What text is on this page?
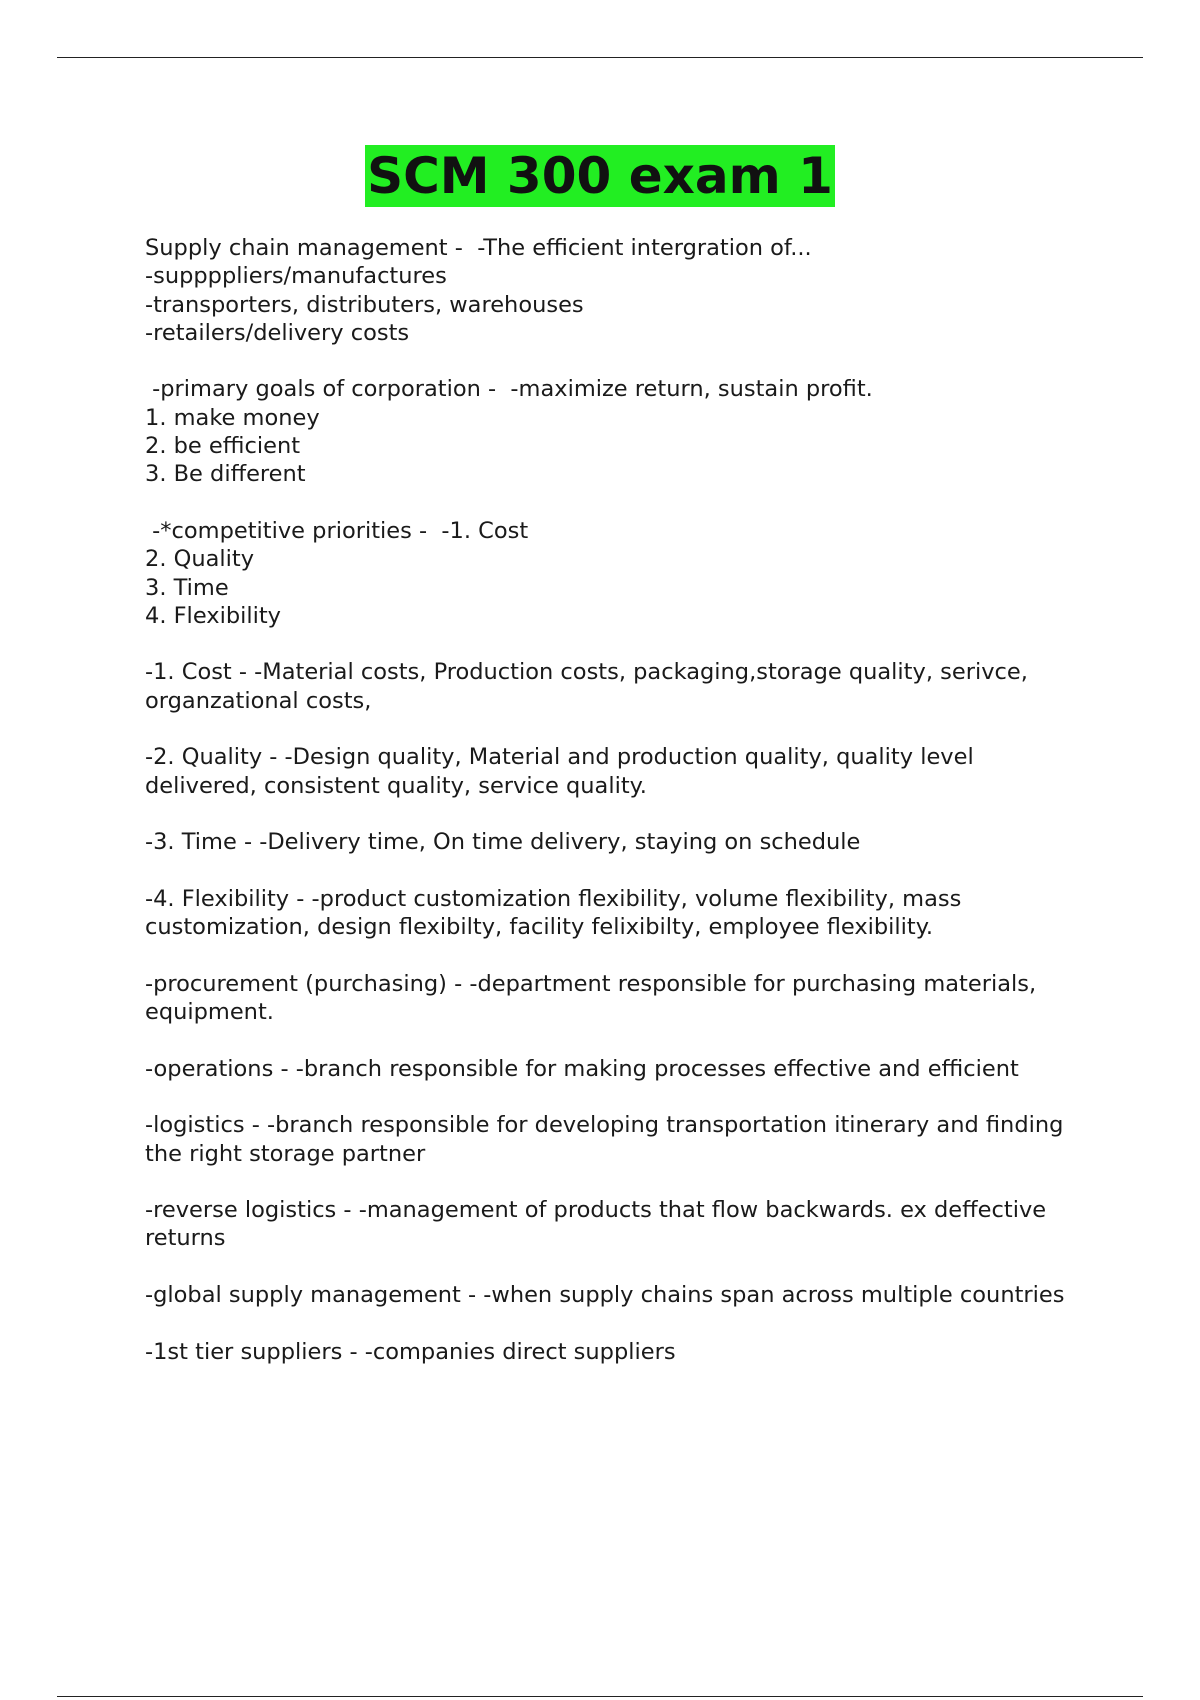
SCM 300 exam 1
Supply chain management -  -The efficient intergration of...
-suppppliers/manufactures
-transporters, distributers, warehouses
-retailers/delivery costs
-primary goals of corporation -  -maximize return, sustain profit.
1. make money
2. be efficient
3. Be different
-*competitive priorities -  -1. Cost
2. Quality
3. Time
4. Flexibility
-1. Cost - -Material costs, Production costs, packaging,storage quality, serivce, organzational costs,
-2. Quality - -Design quality, Material and production quality, quality level delivered, consistent quality, service quality.
-3. Time - -Delivery time, On time delivery, staying on schedule
-4. Flexibility - -product customization flexibility, volume flexibility, mass customization, design flexibilty, facility felixibilty, employee flexibility.
-procurement (purchasing) - -department responsible for purchasing materials, equipment.
-operations - -branch responsible for making processes effective and efficient
-logistics - -branch responsible for developing transportation itinerary and finding the right storage partner
-reverse logistics - -management of products that flow backwards. ex deffective returns
-global supply management - -when supply chains span across multiple countries
-1st tier suppliers - -companies direct suppliers
